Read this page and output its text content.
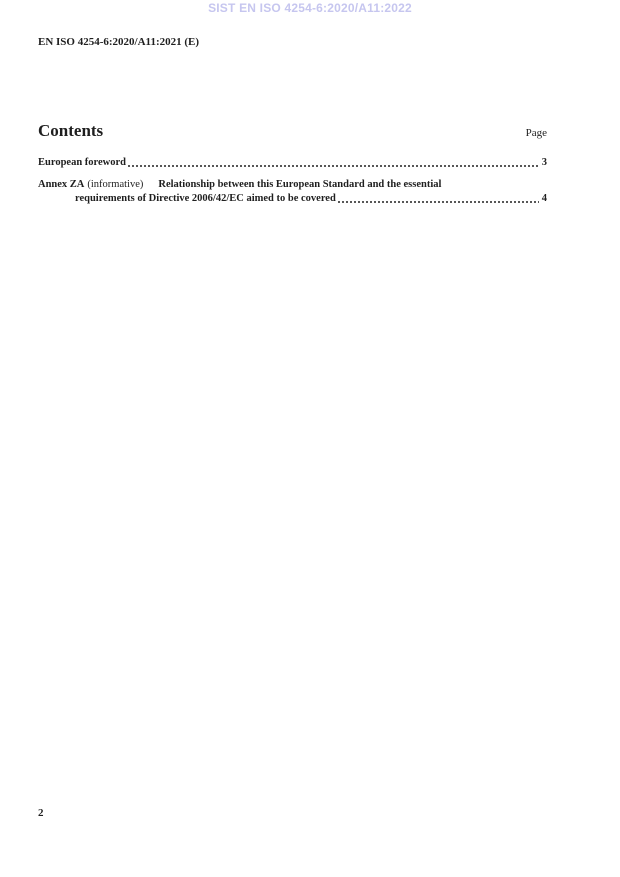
SIST EN ISO 4254-6:2020/A11:2022
EN ISO 4254-6:2020/A11:2021 (E)
Contents	Page
European foreword	3
Annex ZA (informative) Relationship between this European Standard and the essential
requirements of Directive 2006/42/EC aimed to be covered	4
2
